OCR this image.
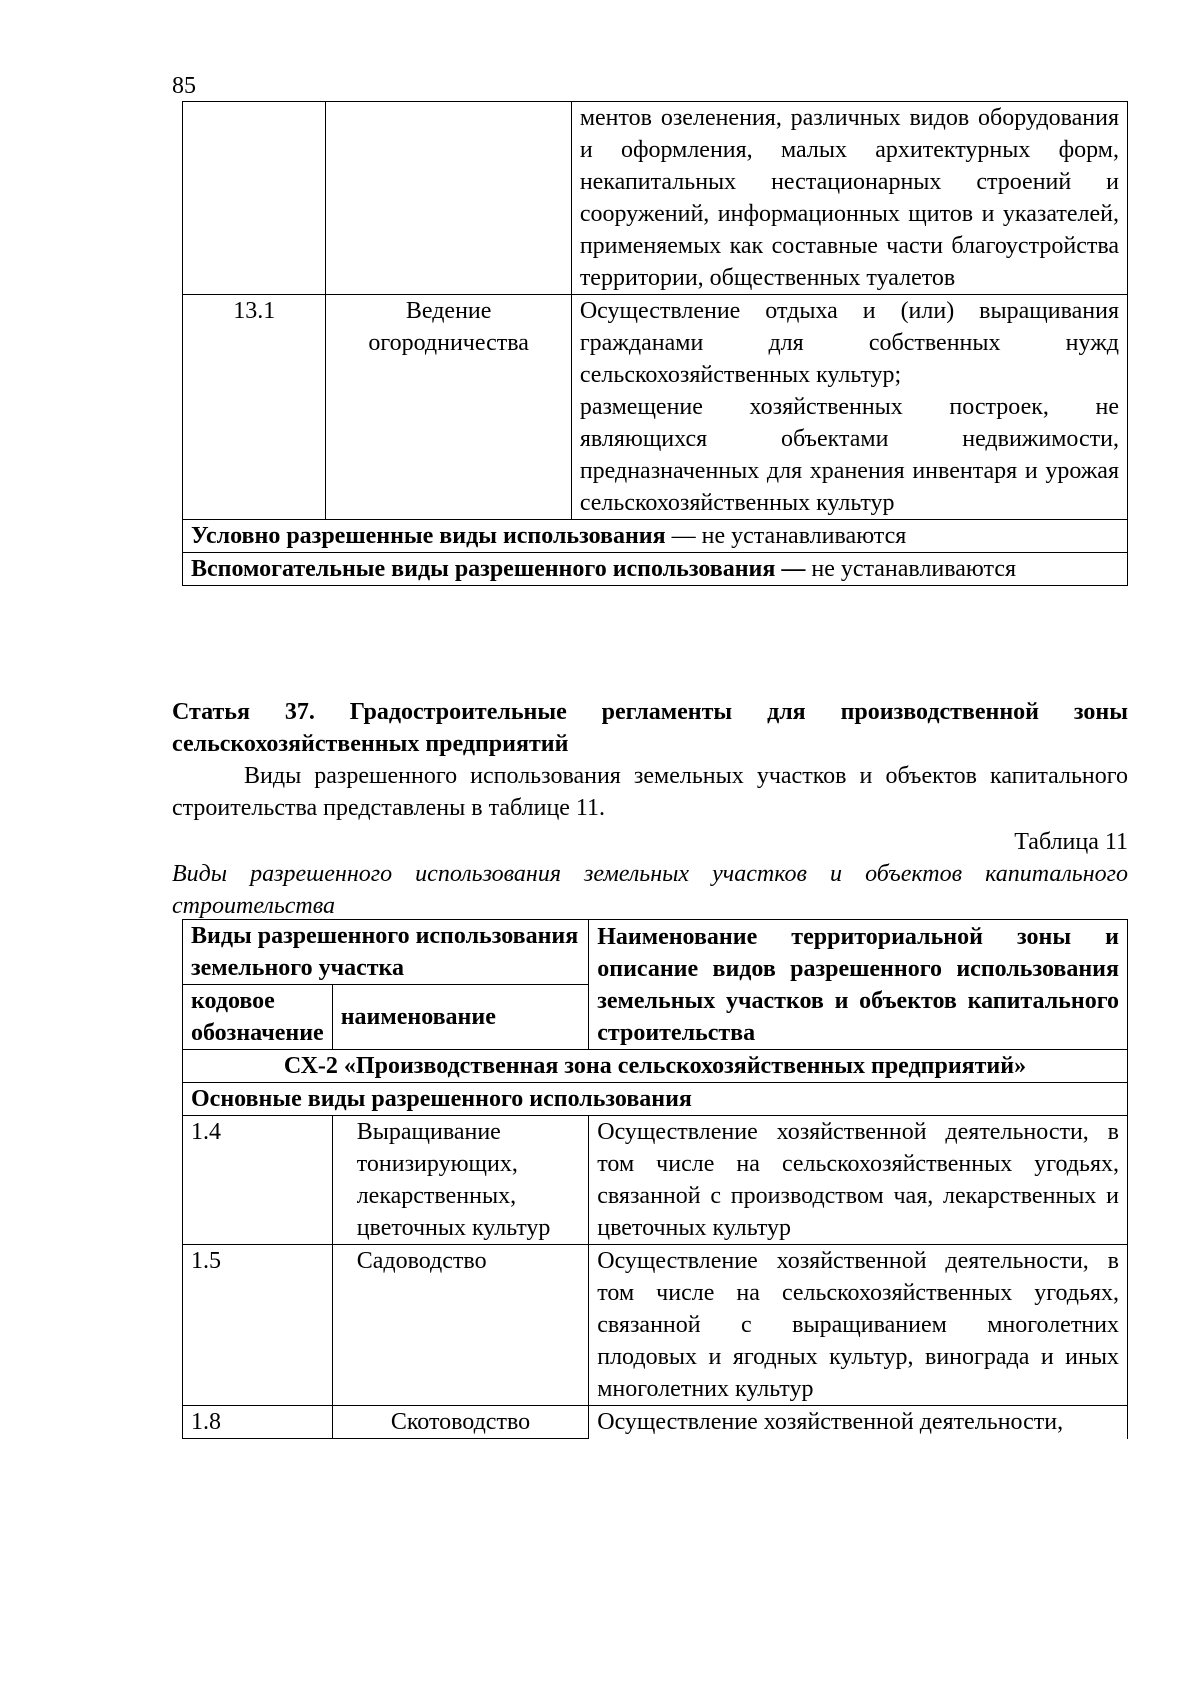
85
		ментов озеленения, различных видов оборудования и оформления, малых архитектурных форм, некапитальных нестационарных строений и сооружений, информационных щитов и указателей, применяемых как составные части благоустройства территории, общественных туалетов
13.1	Ведение огородничества	Осуществление отдыха и (или) выращивания гражданами для собственных нужд сельскохозяйственных культур;
размещение хозяйственных построек, не являющихся объектами недвижимости, предназначенных для хранения инвентаря и урожая сельскохозяйственных культур

Условно разрешенные виды использования — не устанавливаются		
Вспомогательные виды разрешенного использования — не устанавливаются		
Статья 37. Градостроительные регламенты для производственной зоны сельскохозяйственных предприятий
Виды разрешенного использования земельных участков и объектов капитального строительства представлены в таблице 11.
Таблица 11
Виды разрешенного использования земельных участков и объектов капитального строительства
Виды разрешенного использования земельного участка		Наименование территориальной зоны и описание видов разрешенного использования земельных участков и объектов капитального строительства
кодовое обозначение	наименование	
СХ-2 «Производственная зона сельскохозяйственных предприятий»		
Основные виды разрешенного использования		
1.4	Выращивание тонизирующих, лекарственных, цветочных культур	Осуществление хозяйственной деятельности, в том числе на сельскохозяйственных угодьях, связанной с производством чая, лекарственных и цветочных культур
1.5	Садоводство	Осуществление хозяйственной деятельности, в том числе на сельскохозяйственных угодьях, связанной с выращиванием многолетних плодовых и ягодных культур, винограда и иных многолетних культур
1.8	Скотоводство	Осуществление хозяйственной деятельности,
